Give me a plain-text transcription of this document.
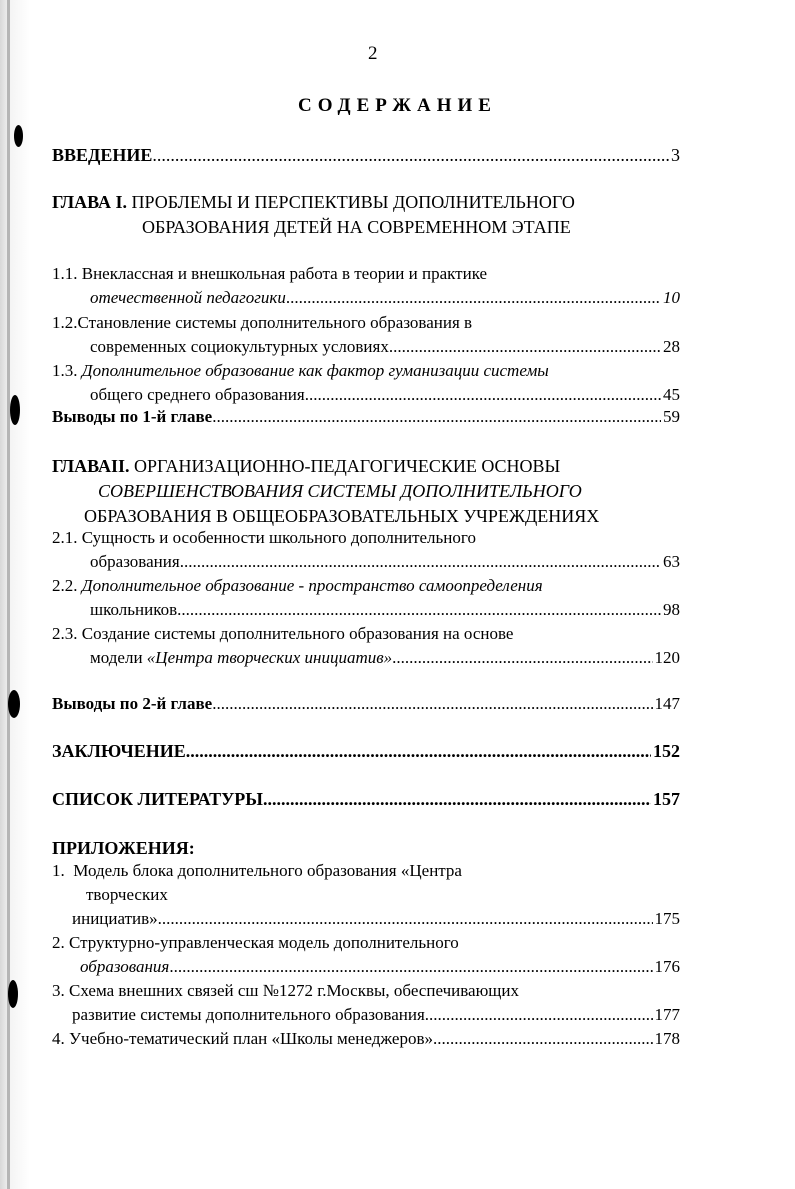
2
СОДЕРЖАНИЕ
ВВЕДЕНИЕ .....	3
ГЛАВА I. ПРОБЛЕМЫ И ПЕРСПЕКТИВЫ ДОПОЛНИТЕЛЬНОГО
ОБРАЗОВАНИЯ ДЕТЕЙ НА СОВРЕМЕННОМ ЭТАПЕ
1.1. Внеклассная и внешкольная работа в теории и практике
отечественной педагогики .....	10
1.2.Становление системы дополнительного образования в
современных социокультурных условиях .....	28
1.3. Дополнительное образование как фактор гуманизации системы
общего среднего образования .....	45
Выводы по 1-й главе .....	59
ГЛАВАII. ОРГАНИЗАЦИОННО-ПЕДАГОГИЧЕСКИЕ ОСНОВЫ
СОВЕРШЕНСТВОВАНИЯ СИСТЕМЫ ДОПОЛНИТЕЛЬНОГО
ОБРАЗОВАНИЯ В ОБЩЕОБРАЗОВАТЕЛЬНЫХ УЧРЕЖДЕНИЯХ
2.1. Сущность и особенности школьного дополнительного
образования .....	63
2.2. Дополнительное образование - пространство самоопределения
школьников .....	98
2.3. Создание системы дополнительного образования на основе
модели «Центра творческих инициатив» .....	120
Выводы по 2-й главе .....	147
ЗАКЛЮЧЕНИЕ .....	152
СПИСОК ЛИТЕРАТУРЫ .....	157
ПРИЛОЖЕНИЯ:
1.  Модель блока дополнительного образования «Центра
творческих
инициатив» .....	175
2. Структурно-управленческая модель дополнительного
образования .....	176
3. Схема внешних связей сш №1272 г.Москвы, обеспечивающих
развитие системы дополнительного образования .....	177
4. Учебно-тематический план «Школы менеджеров» .....	178
